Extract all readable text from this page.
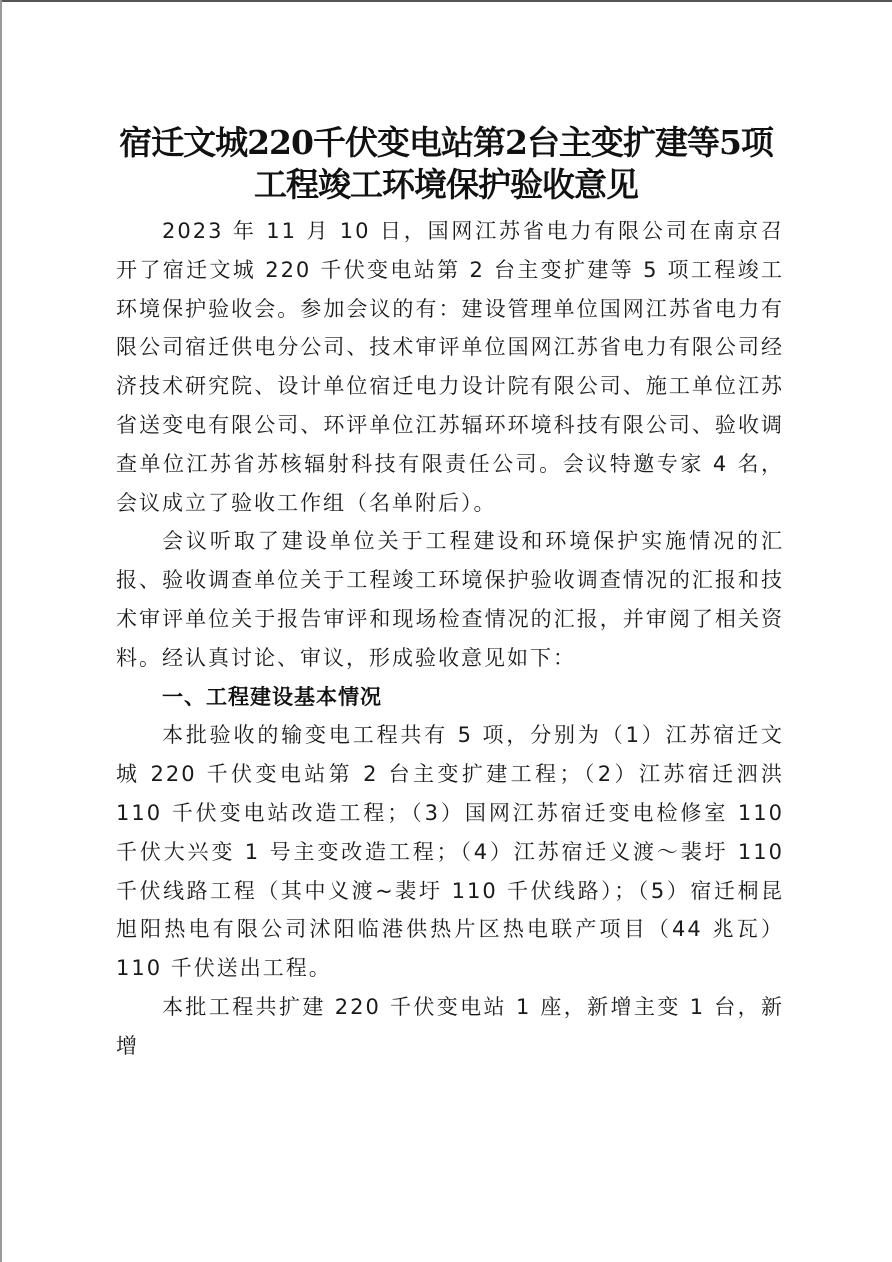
宿迁文城220千伏变电站第2台主变扩建等5项
工程竣工环境保护验收意见

2023 年 11 月 10 日，国网江苏省电力有限公司在南京召开了宿迁文城 220 千伏变电站第 2 台主变扩建等 5 项工程竣工环境保护验收会。参加会议的有：建设管理单位国网江苏省电力有限公司宿迁供电分公司、技术审评单位国网江苏省电力有限公司经济技术研究院、设计单位宿迁电力设计院有限公司、施工单位江苏省送变电有限公司、环评单位江苏辐环环境科技有限公司、验收调查单位江苏省苏核辐射科技有限责任公司。会议特邀专家 4 名，会议成立了验收工作组（名单附后）。

会议听取了建设单位关于工程建设和环境保护实施情况的汇报、验收调查单位关于工程竣工环境保护验收调查情况的汇报和技术审评单位关于报告审评和现场检查情况的汇报，并审阅了相关资料。经认真讨论、审议，形成验收意见如下：

一、工程建设基本情况

本批验收的输变电工程共有 5 项，分别为（1）江苏宿迁文城 220 千伏变电站第 2 台主变扩建工程；（2）江苏宿迁泗洪 110 千伏变电站改造工程；（3）国网江苏宿迁变电检修室 110 千伏大兴变 1 号主变改造工程；（4）江苏宿迁义渡～裴圩 110 千伏线路工程（其中义渡~裴圩 110 千伏线路）；（5）宿迁桐昆旭阳热电有限公司沭阳临港供热片区热电联产项目（44 兆瓦）110 千伏送出工程。

本批工程共扩建 220 千伏变电站 1 座，新增主变 1 台，新增
